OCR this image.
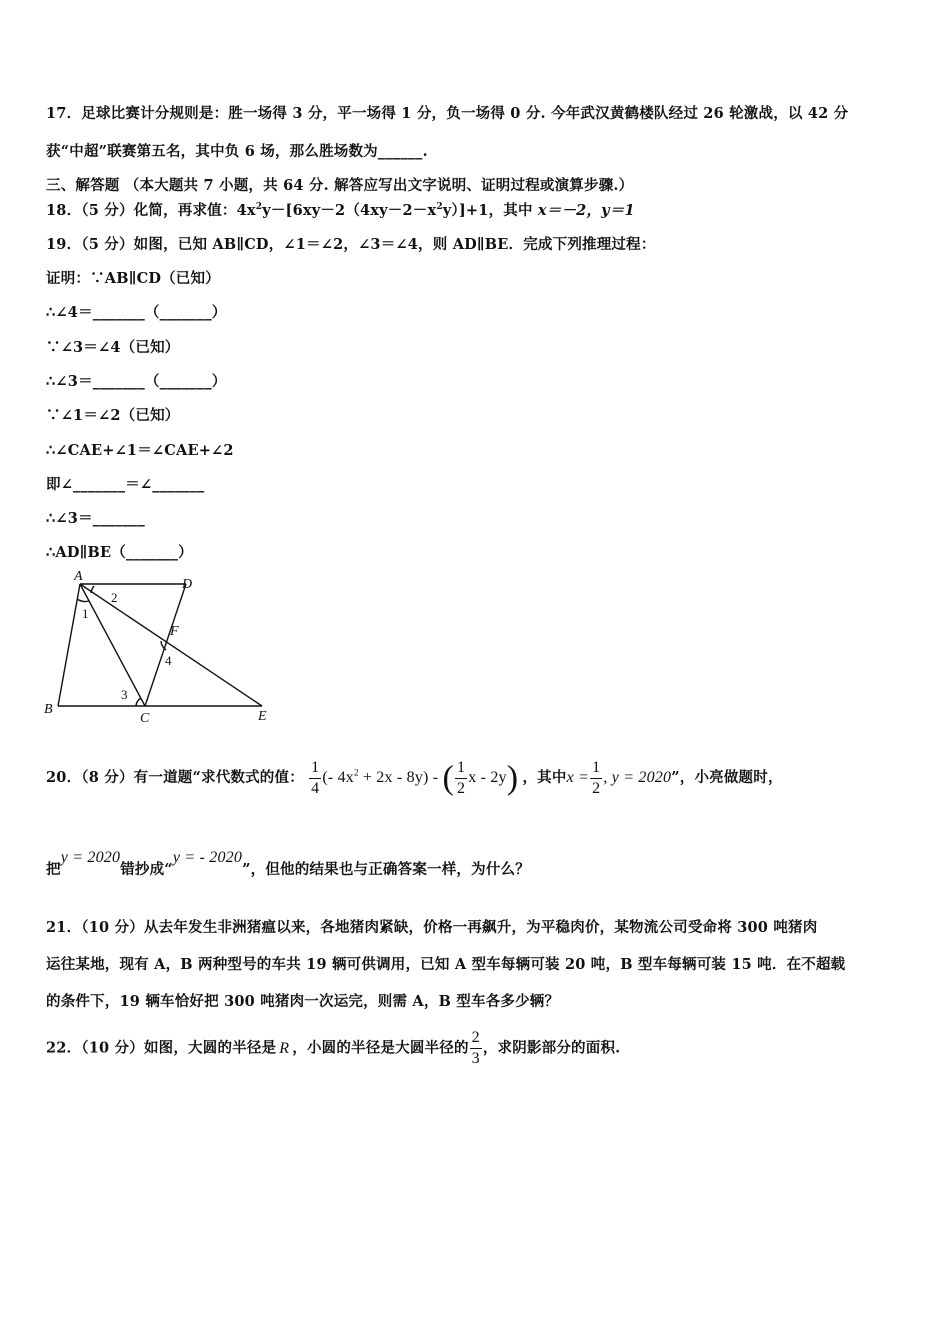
17．足球比赛计分规则是：胜一场得 3 分，平一场得 1 分，负一场得 0 分. 今年武汉黄鹤楼队经过 26 轮激战，以 42 分
获“中超”联赛第五名，其中负 6 场，那么胜场数为______.
三、解答题 （本大题共 7 小题，共 64 分. 解答应写出文字说明、证明过程或演算步骤.）
18．（5 分）化简，再求值：$4x^2y-[6xy-2(4xy-2-x^2y)]+1$，其中 x＝－2，y＝1
19．（5 分）如图，已知 AB∥CD，∠1＝∠2，∠3＝∠4，则 AD∥BE．完成下列推理过程：
证明：∵AB∥CD（已知）
∴∠4＝_______（_______）
∵∠3＝∠4（已知）
∴∠3＝_______（_______）
∵∠1＝∠2（已知）
∴∠CAE+∠1＝∠CAE+∠2
即∠_______＝∠_______
∴∠3＝_______
∴AD∥BE（_______）
A
D
B
C	E
F
1
2
3
4
20．（8 分）有一道题“求代数式的值： $\frac{1}{4}$ (- $4x^2 + 2x - 8y$) - ( $\frac{1}{2}$ x - 2y) ，其中$x = \frac{1}{2}$ , y = 2020”，小亮做题时，
把y = 2020错抄成“y = - 2020”，但他的结果也与正确答案一样，为什么？
21．（10 分）从去年发生非洲猪瘟以来，各地猪肉紧缺，价格一再飙升，为平稳肉价，某物流公司受命将 300 吨猪肉
运往某地，现有 A，B 两种型号的车共 19 辆可供调用，已知 A 型车每辆可装 20 吨，B 型车每辆可装 15 吨．在不超载
的条件下，19 辆车恰好把 300 吨猪肉一次运完，则需 A，B 型车各多少辆？
22．（10 分）如图，大圆的半径是 R ，小圆的半径是大圆半径的 $\frac{2}{3}$ ，求阴影部分的面积.
